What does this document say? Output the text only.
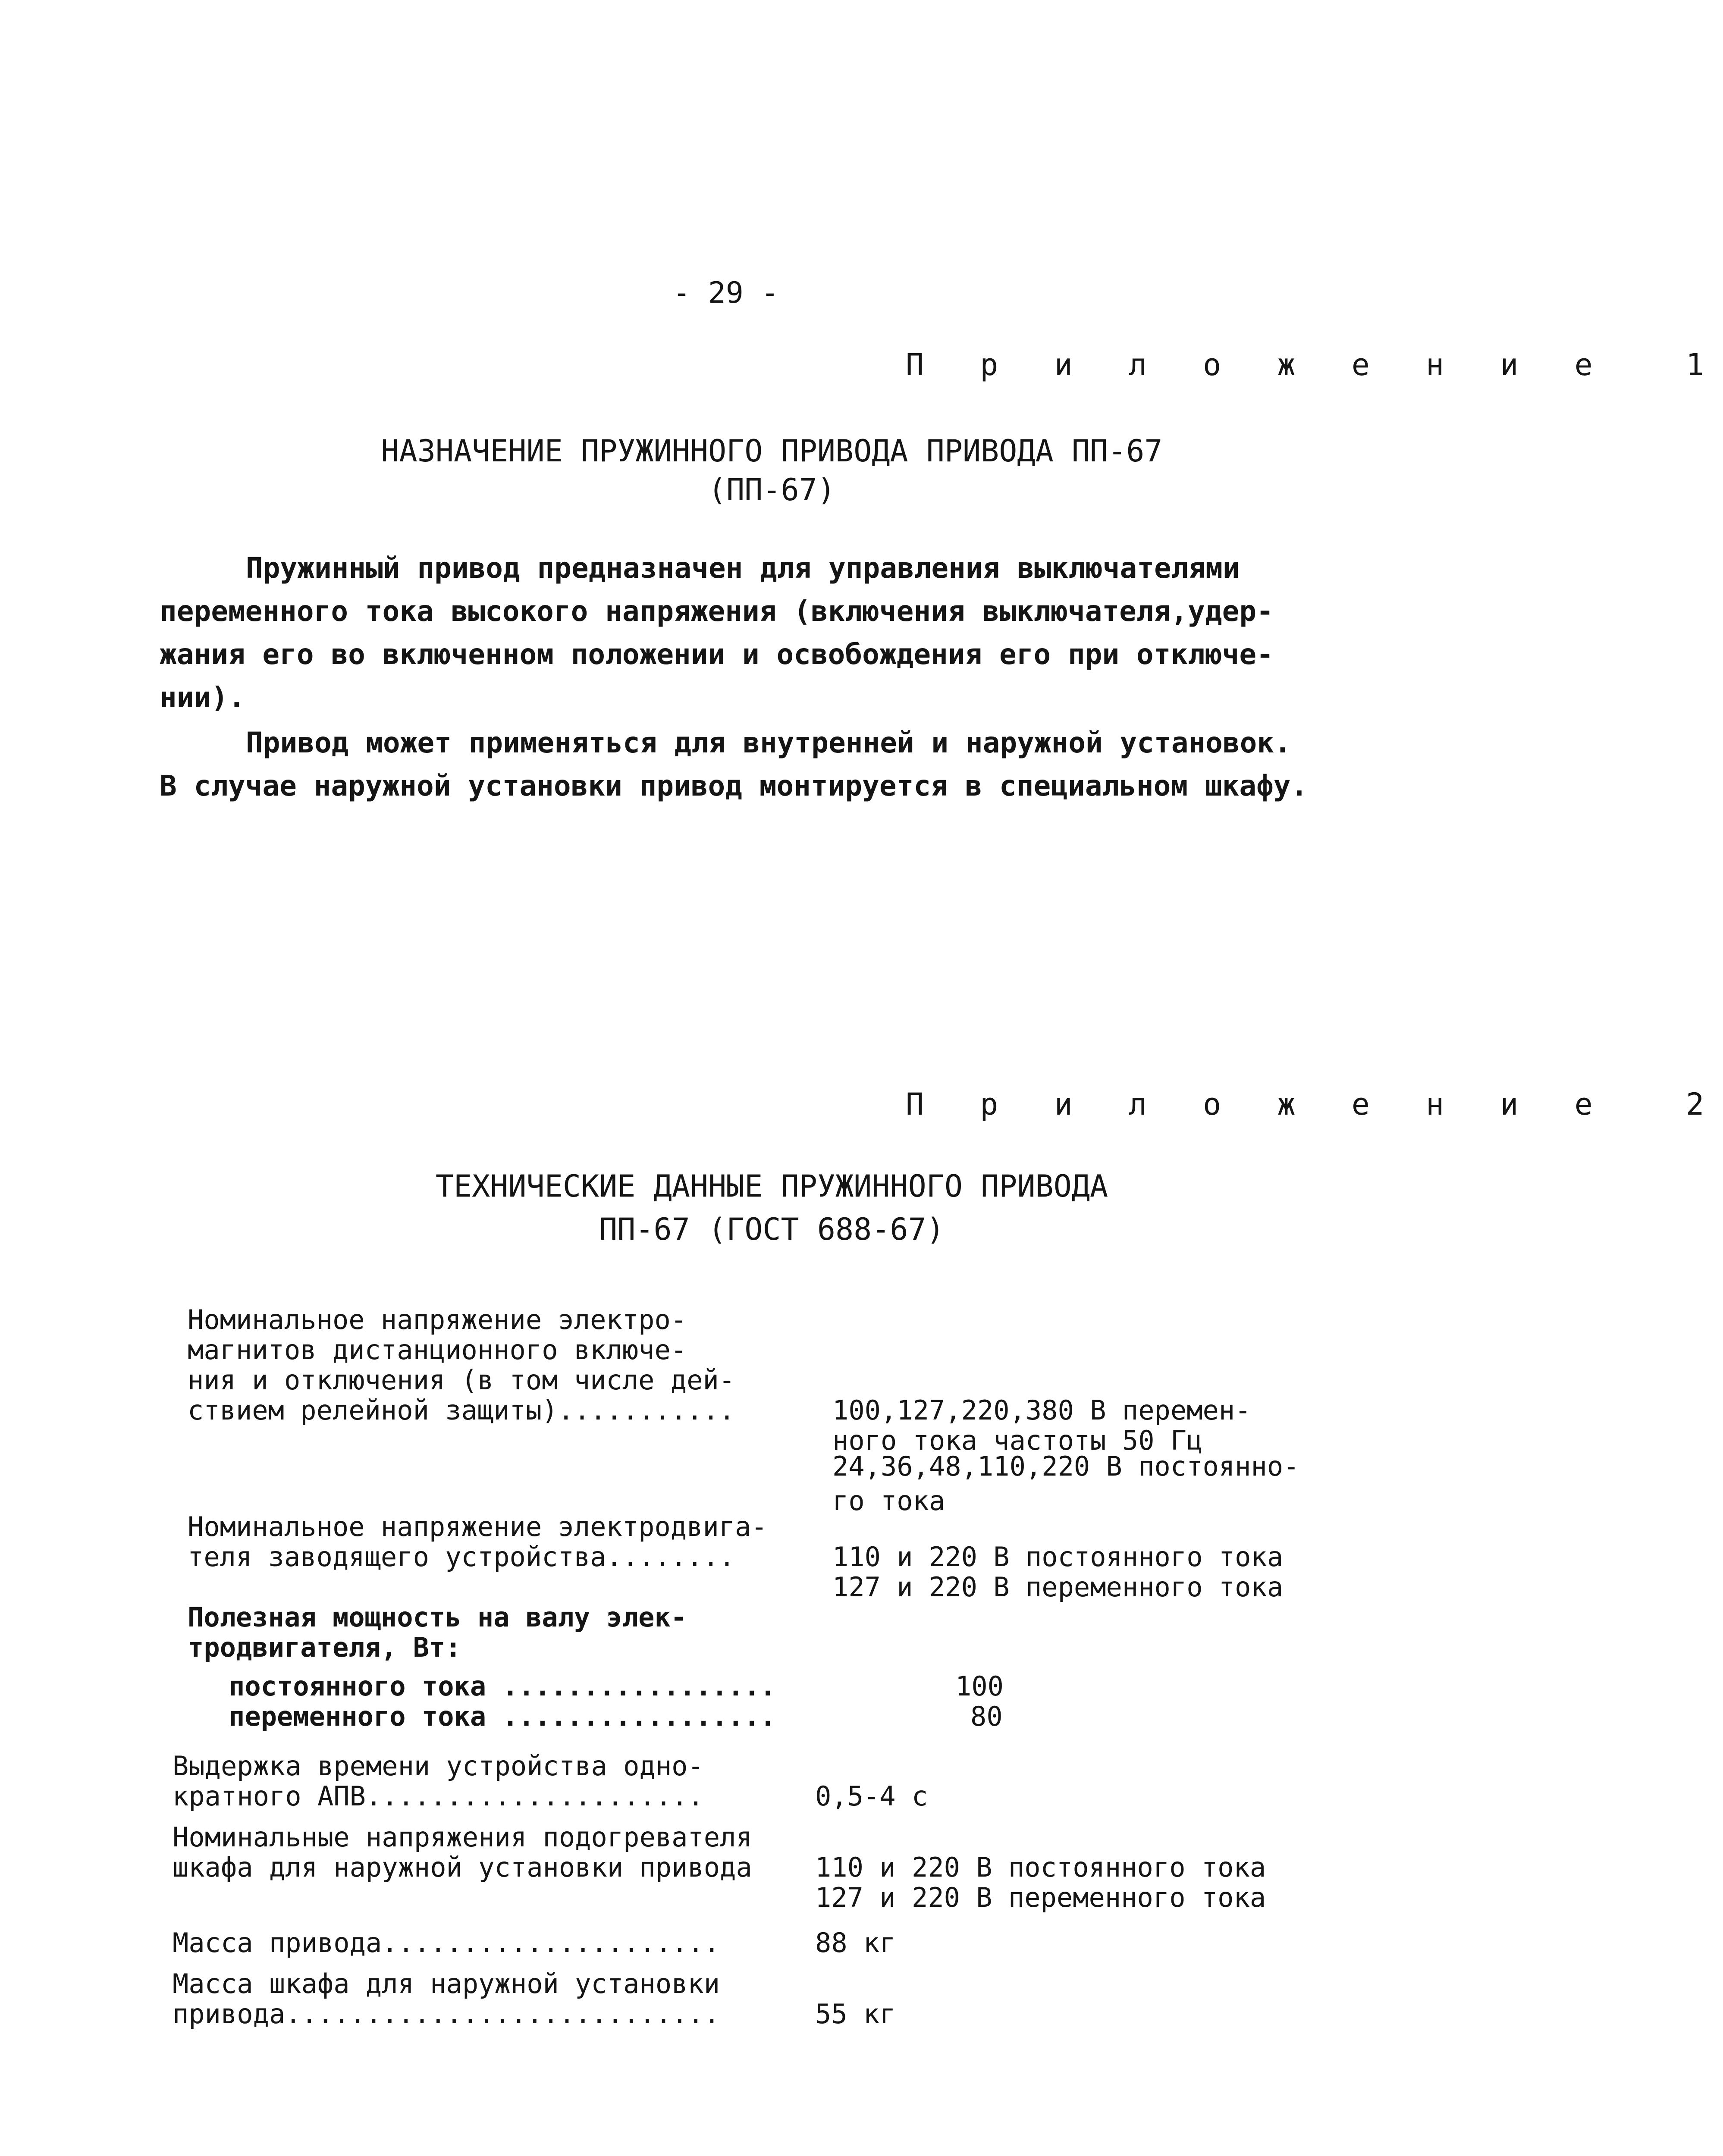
- 29 -
П р и л о ж е н и е  1
НАЗНАЧЕНИЕ ПРУЖИННОГО ПРИВОДА ПРИВОДА ПП-67
(ПП-67)
Пружинный привод предназначен для управления выключателями
переменного тока высокого напряжения (включения выключателя,удер-
жания его во включенном положении и освобождения его при отключе-
нии).
Привод может применяться для внутренней и наружной установок.
В случае наружной установки привод монтируется в специальном шкафу.
П р и л о ж е н и е  2
ТЕХНИЧЕСКИЕ ДАННЫЕ ПРУЖИННОГО ПРИВОДА
ПП-67 (ГОСТ 688-67)
Номинальное напряжение электро-
магнитов дистанционного включе-
ния и отключения (в том числе дей-
ствием релейной защиты)...........	100,127,220,380 В перемен-
ного тока частоты 50 Гц
24,36,48,110,220 В постоянно-
го тока
Номинальное напряжение электродвига-
теля заводящего устройства........	110 и 220 В постоянного тока
127 и 220 В переменного тока
Полезная мощность на валу элек-
тродвигателя, Вт:
постоянного тока .................	100
переменного тока .................	80
Выдержка времени устройства одно-
кратного АПВ.....................	0,5-4 с
Номинальные напряжения подогревателя
шкафа для наружной установки привода 110 и 220 В постоянного тока
127 и 220 В переменного тока
Масса привода.....................	88 кг
Масса шкафа для наружной установки
привода...........................	55 кг
